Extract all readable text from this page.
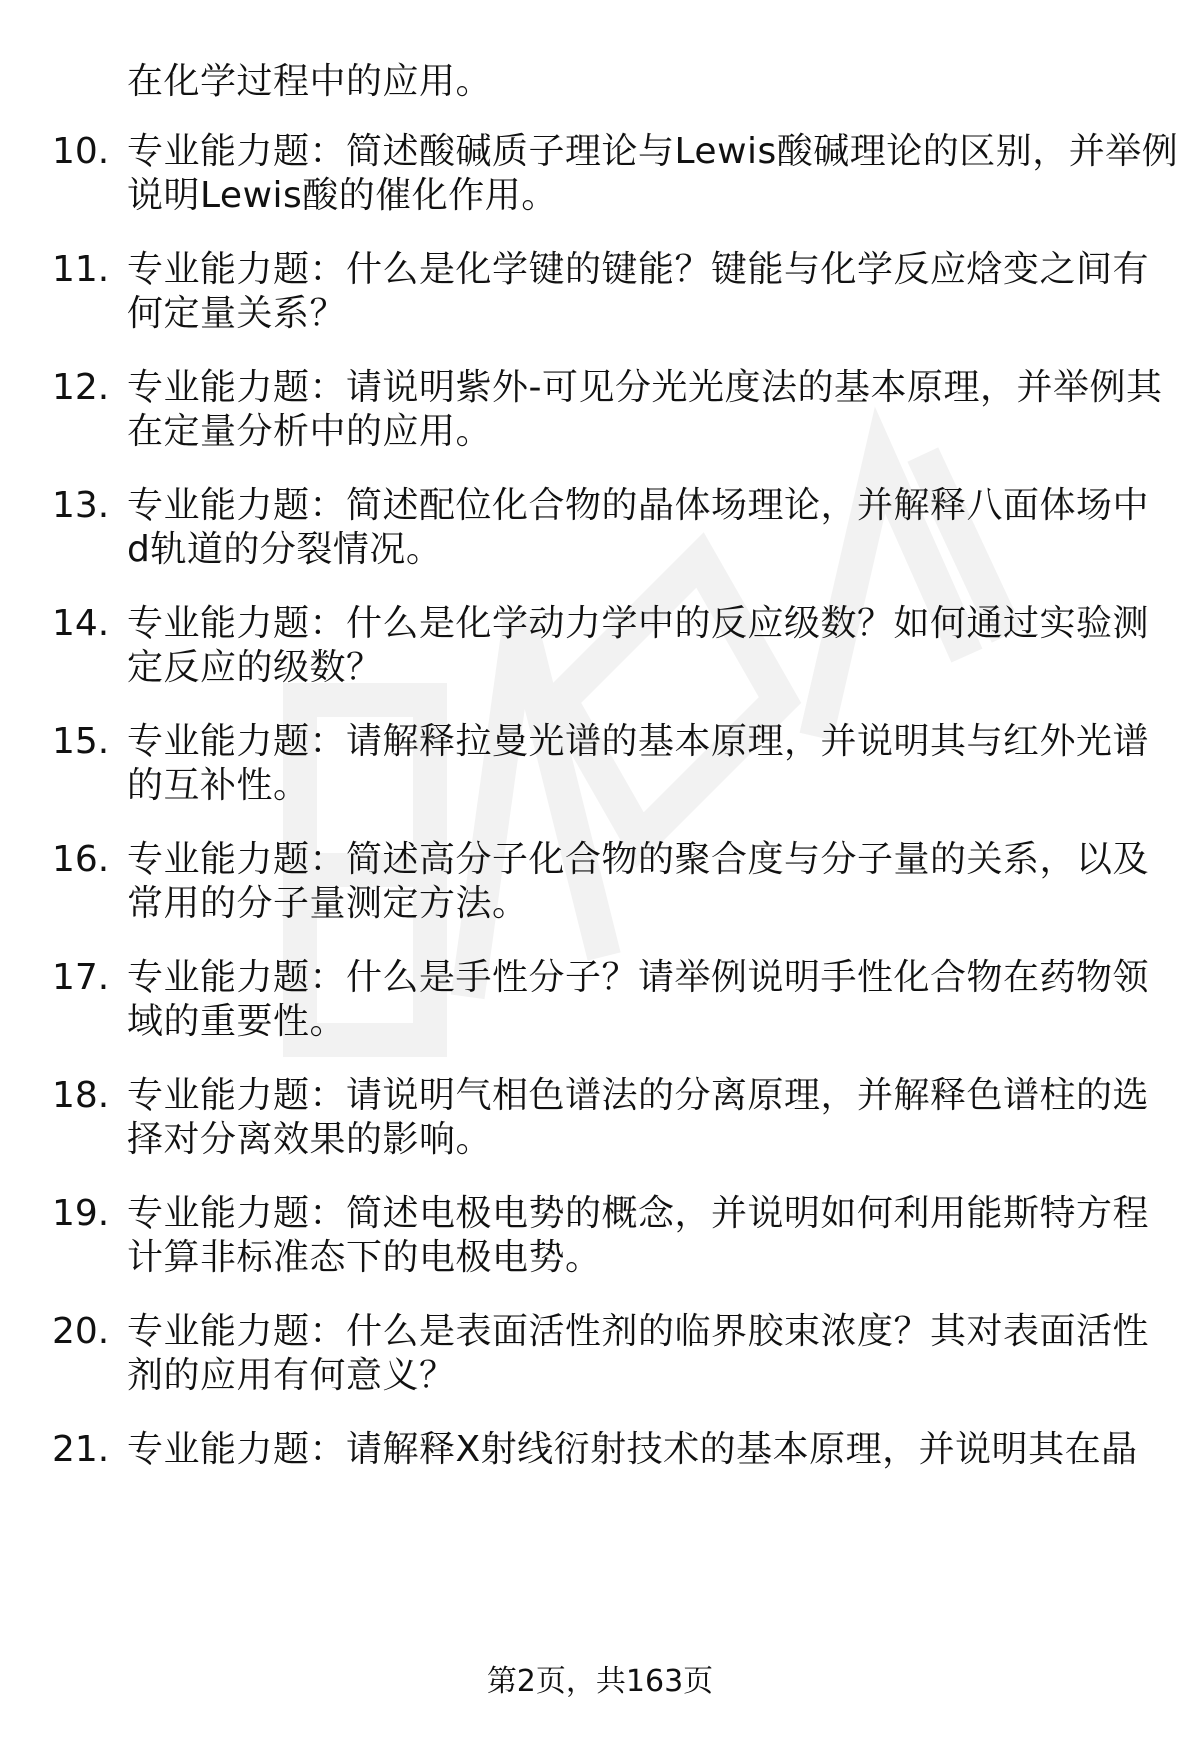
在化学过程中的应用。
10. 专业能力题：简述酸碱质子理论与Lewis酸碱理论的区别，并举例
说明Lewis酸的催化作用。
11. 专业能力题：什么是化学键的键能？键能与化学反应焓变之间有
何定量关系？
12. 专业能力题：请说明紫外-可见分光光度法的基本原理，并举例其
在定量分析中的应用。
13. 专业能力题：简述配位化合物的晶体场理论，并解释八面体场中
d轨道的分裂情况。
14. 专业能力题：什么是化学动力学中的反应级数？如何通过实验测
定反应的级数？
15. 专业能力题：请解释拉曼光谱的基本原理，并说明其与红外光谱
的互补性。
16. 专业能力题：简述高分子化合物的聚合度与分子量的关系，以及
常用的分子量测定方法。
17. 专业能力题：什么是手性分子？请举例说明手性化合物在药物领
域的重要性。
18. 专业能力题：请说明气相色谱法的分离原理，并解释色谱柱的选
择对分离效果的影响。
19. 专业能力题：简述电极电势的概念，并说明如何利用能斯特方程
计算非标准态下的电极电势。
20. 专业能力题：什么是表面活性剂的临界胶束浓度？其对表面活性
剂的应用有何意义？
21. 专业能力题：请解释X射线衍射技术的基本原理，并说明其在晶
第2页，共163页
